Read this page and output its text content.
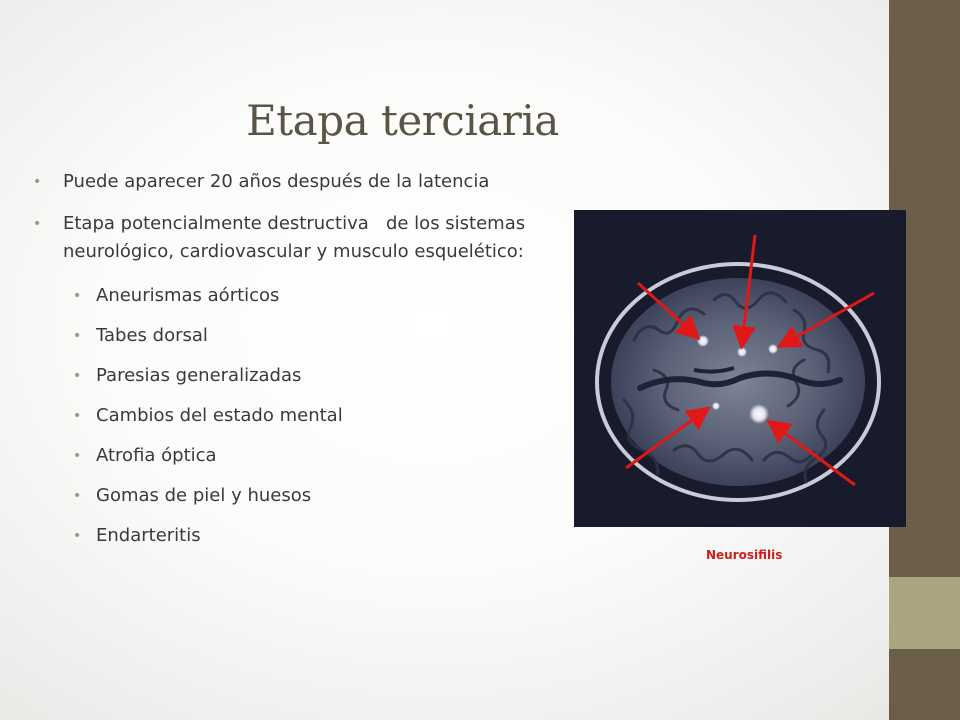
Etapa terciaria
• Puede aparecer 20 años después de la latencia
• Etapa potencialmente destructiva   de los sistemas neurológico, cardiovascular y musculo esquelético:
• Aneurismas aórticos
• Tabes dorsal
• Paresias generalizadas
• Cambios del estado mental
• Atrofia óptica
• Gomas de piel y huesos
• Endarteritis
Neurosifilis
